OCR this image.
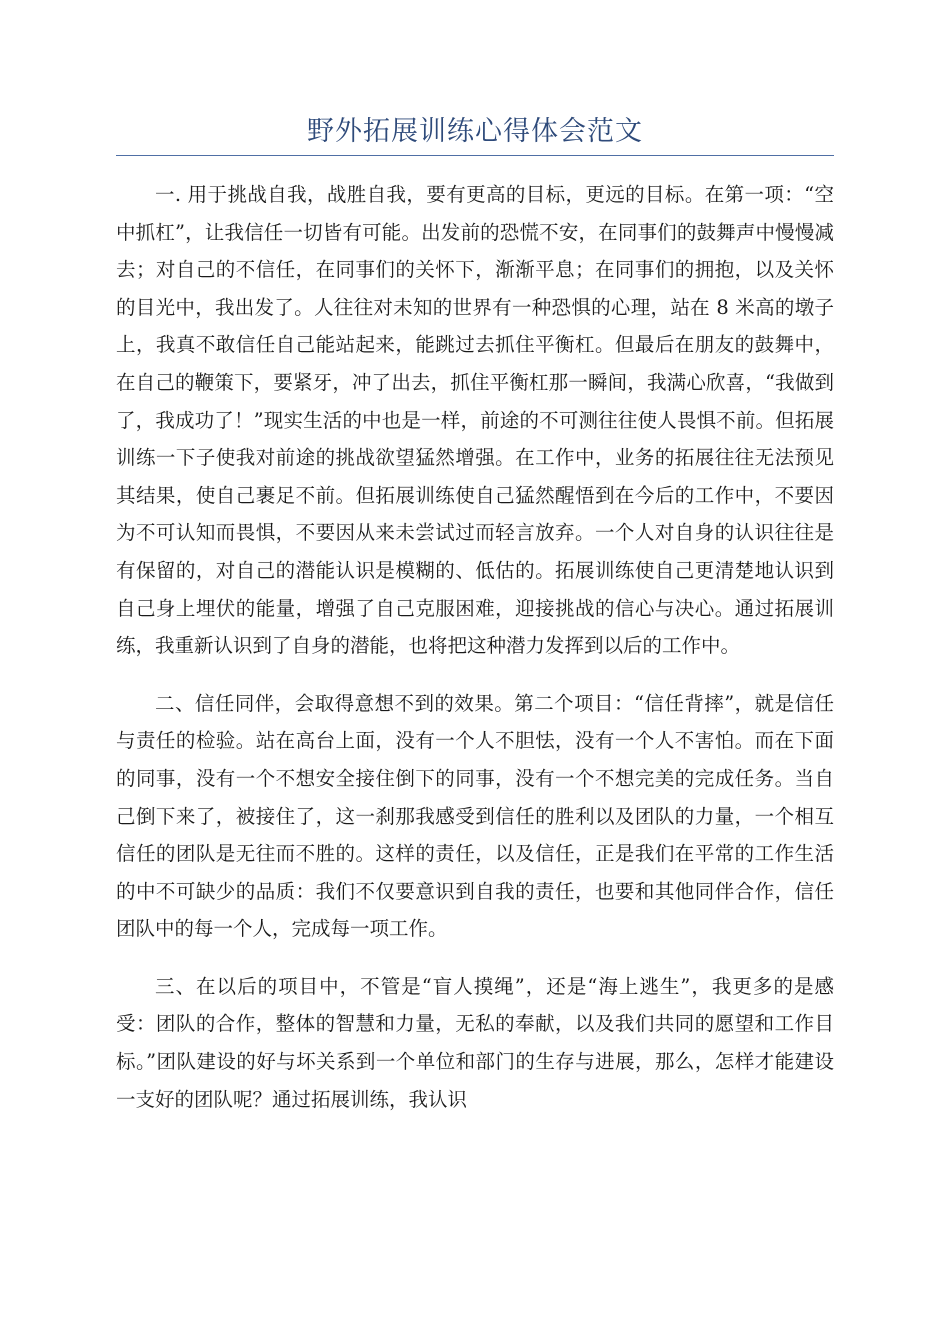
野外拓展训练心得体会范文

一. 用于挑战自我，战胜自我，要有更高的目标，更远的目标。在第一项：“空中抓杠”，让我信任一切皆有可能。出发前的恐慌不安，在同事们的鼓舞声中慢慢减去；对自己的不信任，在同事们的关怀下，渐渐平息；在同事们的拥抱，以及关怀的目光中，我出发了。人往往对未知的世界有一种恐惧的心理，站在 8 米高的墩子上，我真不敢信任自己能站起来，能跳过去抓住平衡杠。但最后在朋友的鼓舞中，在自己的鞭策下，要紧牙，冲了出去，抓住平衡杠那一瞬间，我满心欣喜，“我做到了，我成功了！”现实生活的中也是一样，前途的不可测往往使人畏惧不前。但拓展训练一下子使我对前途的挑战欲望猛然增强。在工作中，业务的拓展往往无法预见其结果，使自己裹足不前。但拓展训练使自己猛然醒悟到在今后的工作中，不要因为不可认知而畏惧，不要因从来未尝试过而轻言放弃。一个人对自身的认识往往是有保留的，对自己的潜能认识是模糊的、低估的。拓展训练使自己更清楚地认识到自己身上埋伏的能量，增强了自己克服困难，迎接挑战的信心与决心。通过拓展训练，我重新认识到了自身的潜能，也将把这种潜力发挥到以后的工作中。

二、信任同伴，会取得意想不到的效果。第二个项目：“信任背摔”，就是信任与责任的检验。站在高台上面，没有一个人不胆怯，没有一个人不害怕。而在下面的同事，没有一个不想安全接住倒下的同事，没有一个不想完美的完成任务。当自己倒下来了，被接住了，这一刹那我感受到信任的胜利以及团队的力量，一个相互信任的团队是无往而不胜的。这样的责任，以及信任，正是我们在平常的工作生活的中不可缺少的品质：我们不仅要意识到自我的责任，也要和其他同伴合作，信任团队中的每一个人，完成每一项工作。

三、在以后的项目中，不管是“盲人摸绳”，还是“海上逃生”，我更多的是感受：团队的合作，整体的智慧和力量，无私的奉献，以及我们共同的愿望和工作目标。”团队建设的好与坏关系到一个单位和部门的生存与进展，那么，怎样才能建设一支好的团队呢？通过拓展训练，我认识
